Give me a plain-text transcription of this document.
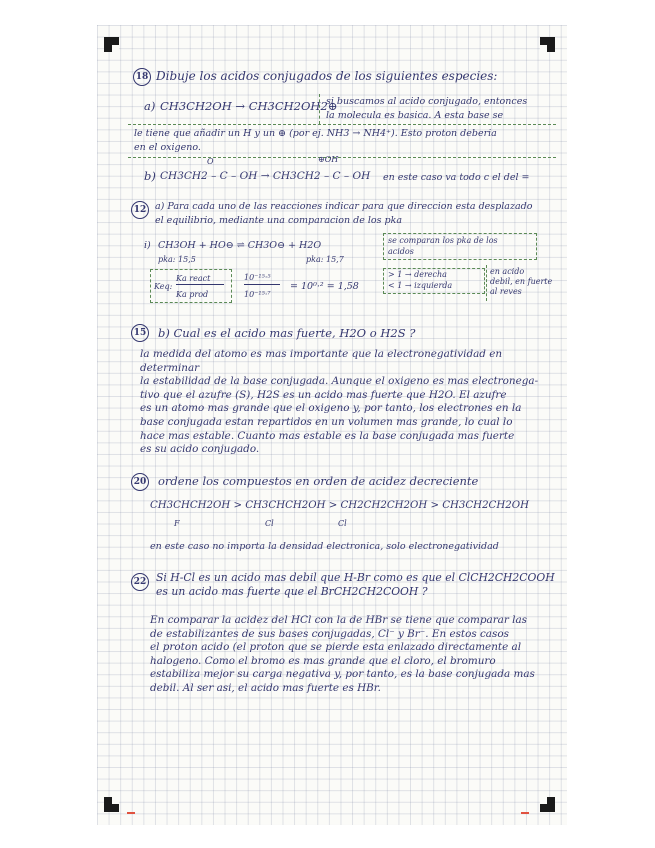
18 Dibuje los acidos conjugados de los siguientes especies:
a) CH3CH2OH → CH3CH2OH2⊕
si buscamos al acido conjugado, entonces
la molecula es basica. A esta base se
le tiene que añadir un H y un ⊕ (por ej. NH3 → NH4⁺). Esto proton deberia
en el oxigeno.
O	⊕OH
b) CH3CH2 – C – OH → CH3CH2 – C – OH en este caso va todo c el del =
12 a) Para cada uno de las reacciones indicar para que direccion esta desplazado
el equilibrio, mediante una comparacion de los pka
i) CH3OH + HO⊖ ⇌ CH3O⊖ + H2O
pka: 15,5	pka: 15,7
se comparan los pka de los
acidos
Keq:
Ka react
Ka prod
10⁻¹⁵·⁵
10⁻¹⁵·⁷
= 10⁰·² = 1,58
> 1 → derecha
< 1 → izquierda
en acido
debil, en fuerte
al reves
15 b) Cual es el acido mas fuerte, H2O o H2S ?
la medida del atomo es mas importante que la electronegatividad en determinar
la estabilidad de la base conjugada. Aunque el oxigeno es mas electronega-
tivo que el azufre (S), H2S es un acido mas fuerte que H2O. El azufre
es un atomo mas grande que el oxigeno y, por tanto, los electrones en la
base conjugada estan repartidos en un volumen mas grande, lo cual lo
hace mas estable. Cuanto mas estable es la base conjugada mas fuerte
es su acido conjugado.
20 ordene los compuestos en orden de acidez decreciente
CH3CHCH2OH > CH3CHCH2OH > CH2CH2CH2OH > CH3CH2CH2OH
F	Cl	Cl
en este caso no importa la densidad electronica, solo electronegatividad
22 Si H-Cl es un acido mas debil que H-Br como es que el ClCH2CH2COOH
es un acido mas fuerte que el BrCH2CH2COOH ?
En comparar la acidez del HCl con la de HBr se tiene que comparar las
de estabilizantes de sus bases conjugadas, Cl⁻ y Br⁻. En estos casos
el proton acido (el proton que se pierde esta enlazado directamente al
halogeno. Como el bromo es mas grande que el cloro, el bromuro
estabiliza mejor su carga negativa y, por tanto, es la base conjugada mas
debil. Al ser asi, el acido mas fuerte es HBr.
